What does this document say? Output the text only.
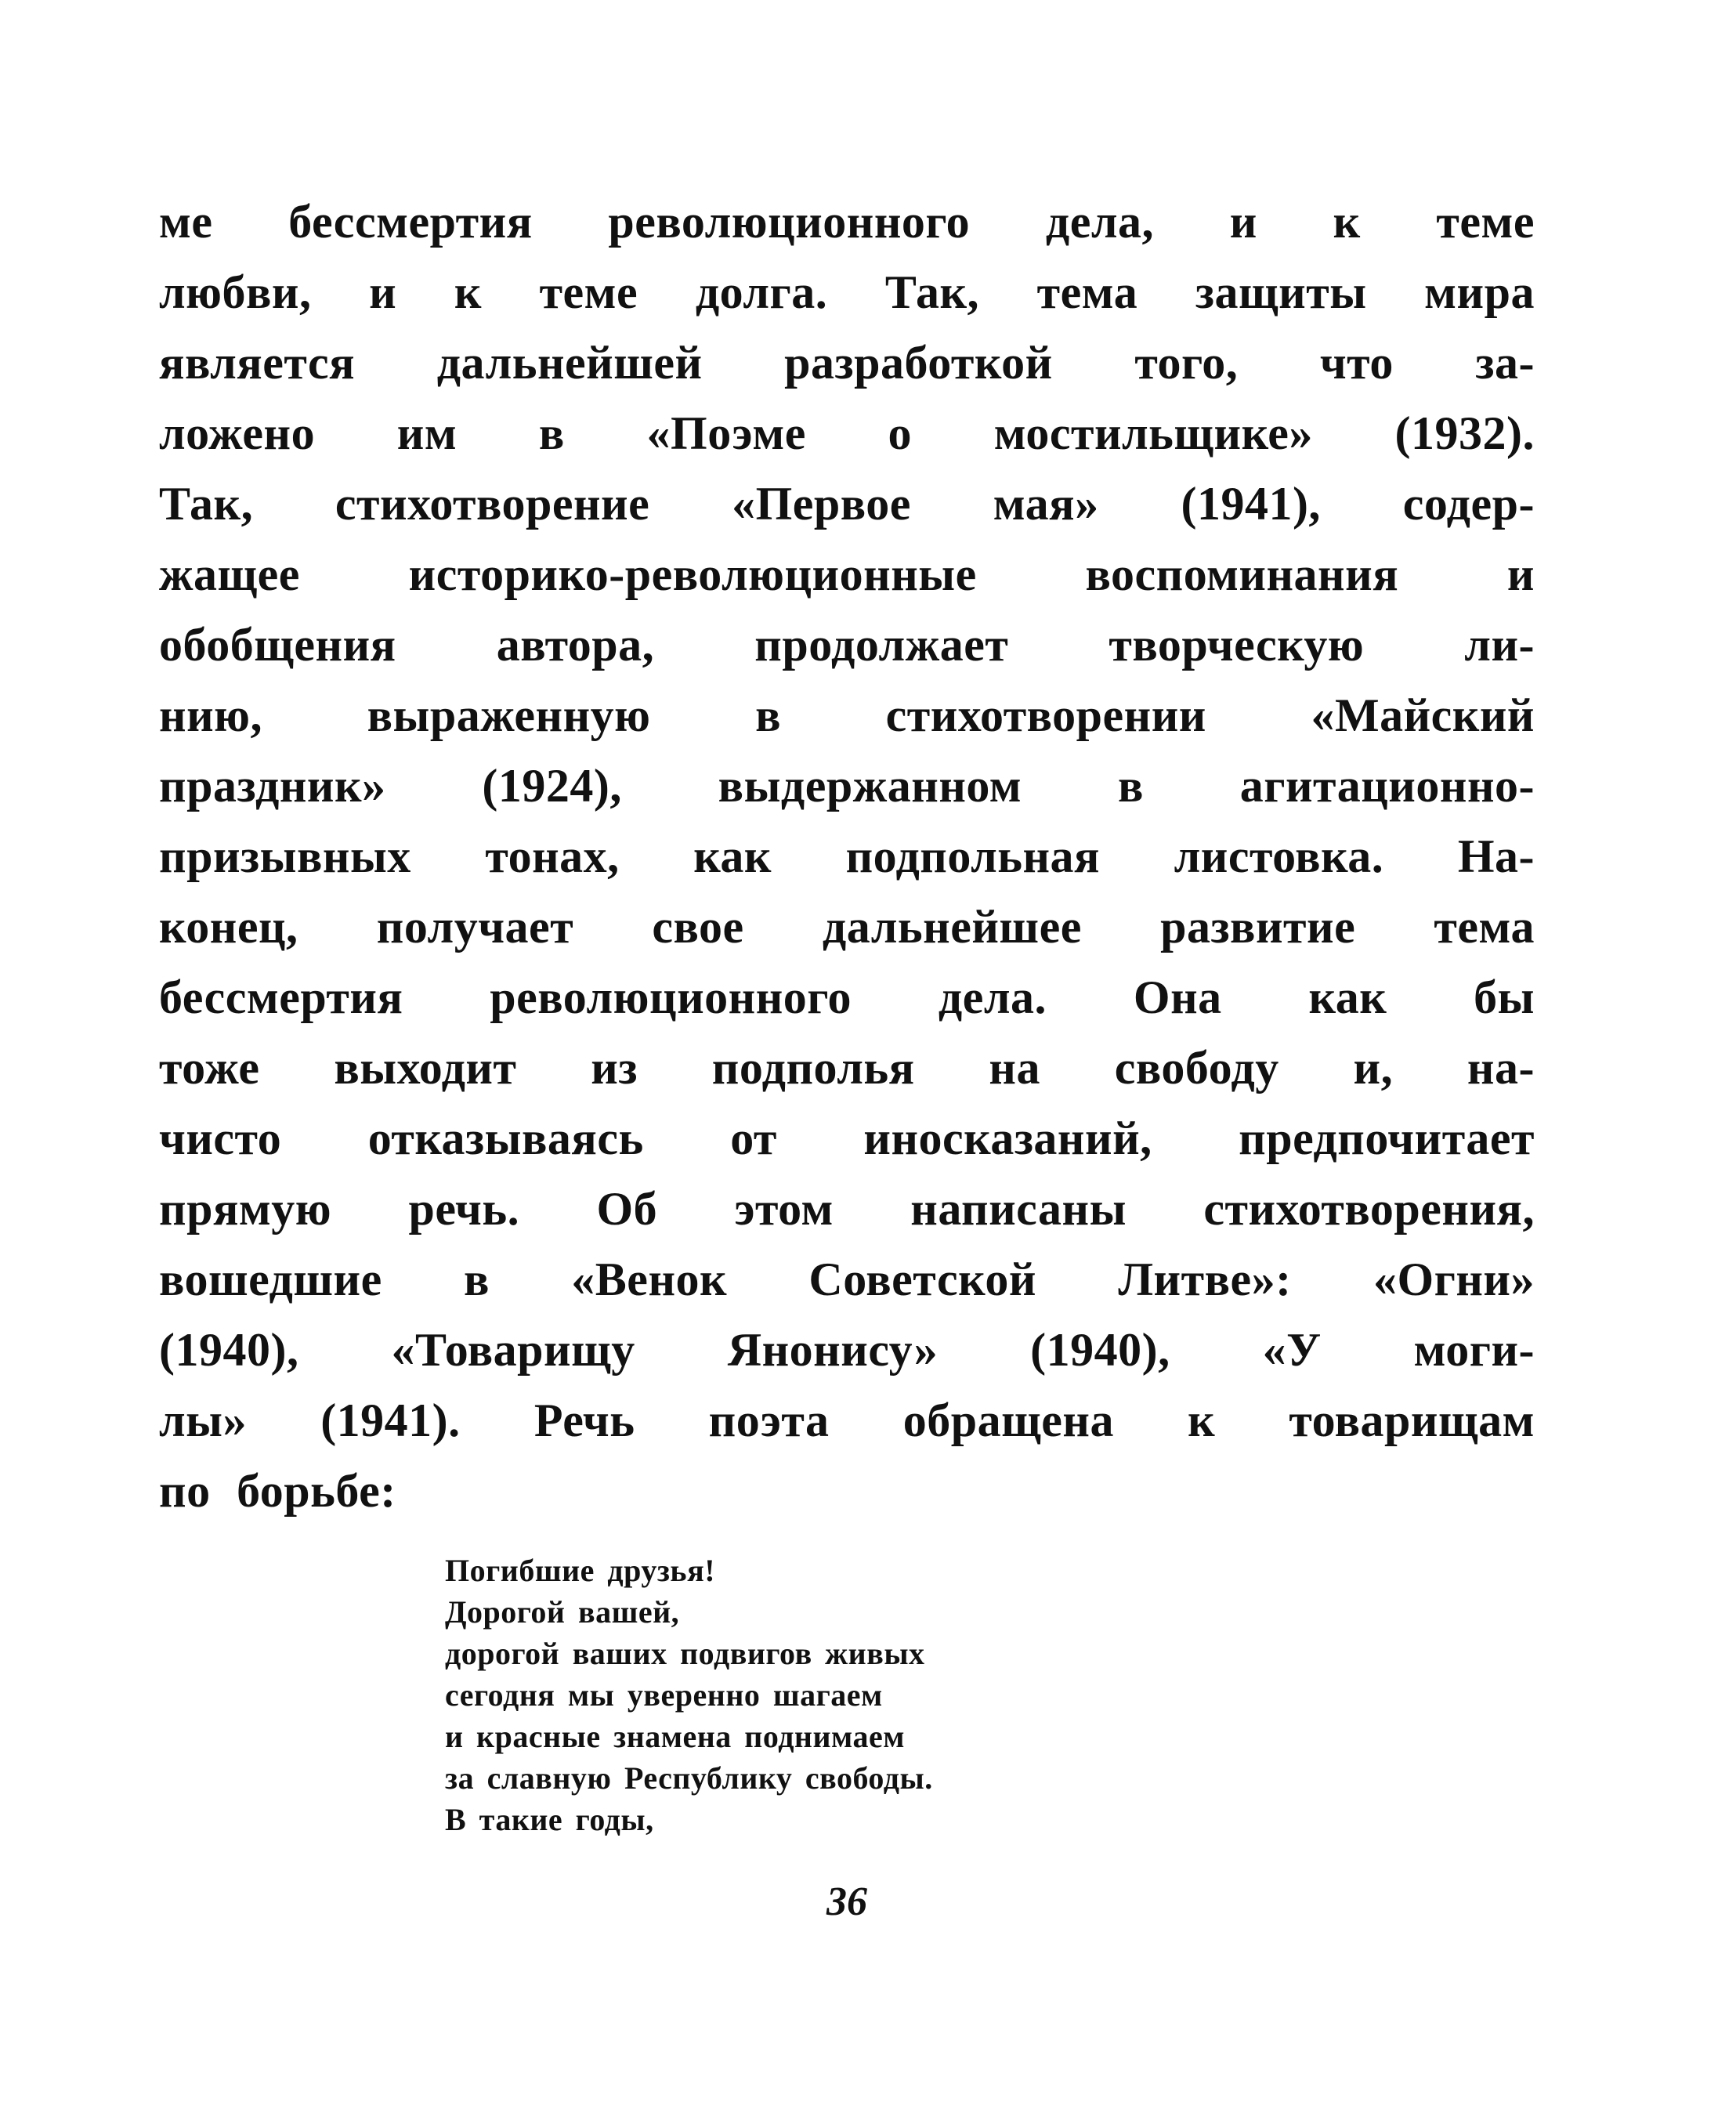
ме бессмертия революционного дела, и к теме
любви, и к теме долга. Так, тема защиты мира
является дальнейшей разработкой того, что за-
ложено им в «Поэме о мостильщике» (1932).
Так, стихотворение «Первое мая» (1941), содер-
жащее историко-революционные воспоминания и
обобщения автора, продолжает творческую ли-
нию, выраженную в стихотворении «Майский
праздник» (1924), выдержанном в агитационно-
призывных тонах, как подпольная листовка. На-
конец, получает свое дальнейшее развитие тема
бессмертия революционного дела. Она как бы
тоже выходит из подполья на свободу и, на-
чисто отказываясь от иносказаний, предпочитает
прямую речь. Об этом написаны стихотворения,
вошедшие в «Венок Советской Литве»: «Огни»
(1940), «Товарищу Янонису» (1940), «У моги-
лы» (1941). Речь поэта обращена к товарищам
по борьбе:
Погибшие друзья!
Дорогой вашей,
дорогой ваших подвигов живых
сегодня мы уверенно шагаем
и красные знамена поднимаем
за славную Республику свободы.
В такие годы,
36
